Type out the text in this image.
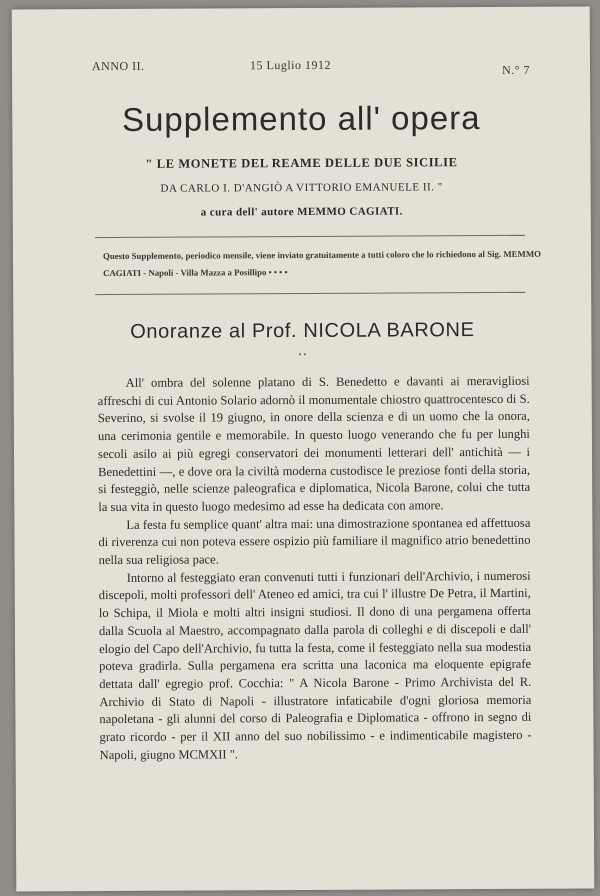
ANNO II.	15 Luglio 1912	N.° 7
Supplemento all' opera
" LE MONETE DEL REAME DELLE DUE SICILIE
DA CARLO I. D'ANGIÒ A VITTORIO EMANUELE II. "
a cura dell' autore MEMMO CAGIATI.
Questo Supplemento, periodico mensile, viene inviato gratuitamente a tutti coloro che lo richiedono al Sig. MEMMO CAGIATI - Napoli - Villa Mazza a Posillipo • • • •
Onoranze al Prof. NICOLA BARONE
• •

All' ombra del solenne platano di S. Benedetto e davanti ai meravigliosi affreschi di cui Antonio Solario adornò il monumentale chiostro quattrocentesco di S. Severino, si svolse il 19 giugno, in onore della scienza e di un uomo che la onora, una cerimonia gentile e memorabile. In questo luogo venerando che fu per lunghi secoli asilo ai più egregi conservatori dei monumenti letterari dell' antichità — i Benedettini —, e dove ora la civiltà moderna custodisce le preziose fonti della storia, si festeggiò, nelle scienze paleografica e diplomatica, Nicola Barone, colui che tutta la sua vita in questo luogo medesimo ad esse ha dedicata con amore.

La festa fu semplice quant' altra mai: una dimostrazione spontanea ed affettuosa di riverenza cui non poteva essere ospizio più familiare il magnifico atrio benedettino nella sua religiosa pace.

Intorno al festeggiato eran convenuti tutti i funzionari dell'Archivio, i numerosi discepoli, molti professori dell' Ateneo ed amici, tra cui l' illustre De Petra, il Martini, lo Schipa, il Miola e molti altri insigni studiosi. Il dono di una pergamena offerta dalla Scuola al Maestro, accompagnato dalla parola di colleghi e di discepoli e dall' elogio del Capo dell'Archivio, fu tutta la festa, come il festeggiato nella sua modestia poteva gradirla. Sulla pergamena era scritta una laconica ma eloquente epigrafe dettata dall' egregio prof. Cocchia: " A Nicola Barone - Primo Archivista del R. Archivio di Stato di Napoli - illustratore infaticabile d'ogni gloriosa memoria napoletana - gli alunni del corso di Paleografia e Diplomatica - offrono in segno di grato ricordo - per il XII anno del suo nobilissimo - e indimenticabile magistero - Napoli, giugno MCMXII ".
